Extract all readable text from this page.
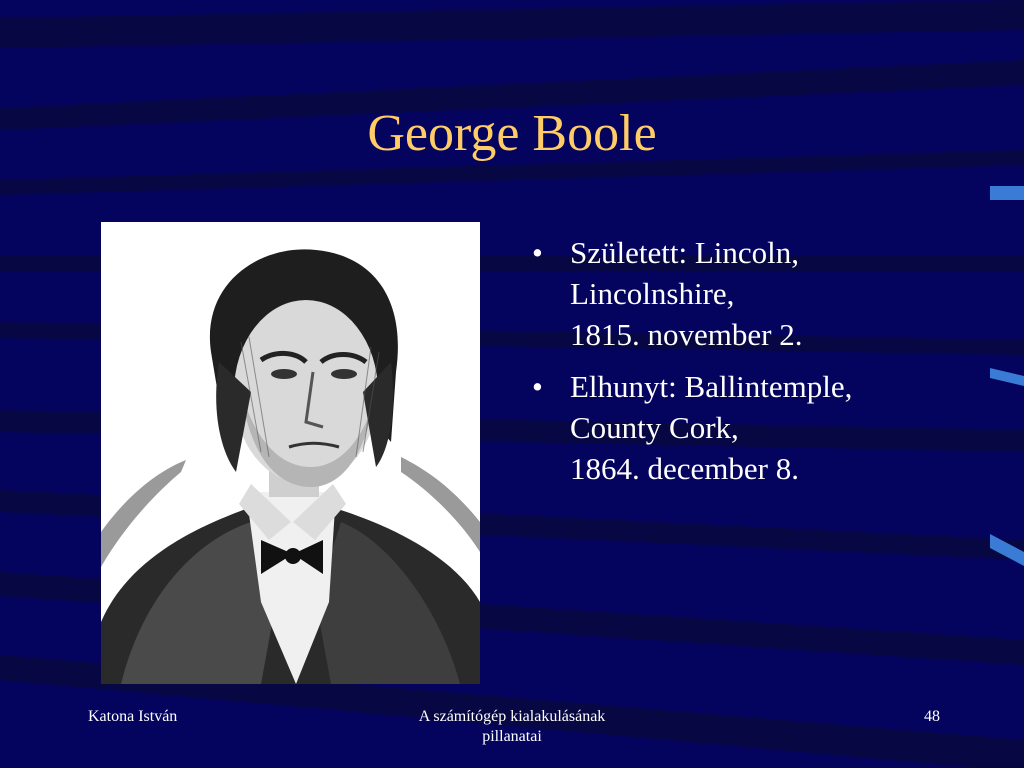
George Boole
• Született: Lincoln,
Lincolnshire,
1815. november 2.
• Elhunyt: Ballintemple,
County Cork,
1864. december 8.
Katona István	A számítógép kialakulásának
pillanatai
48
